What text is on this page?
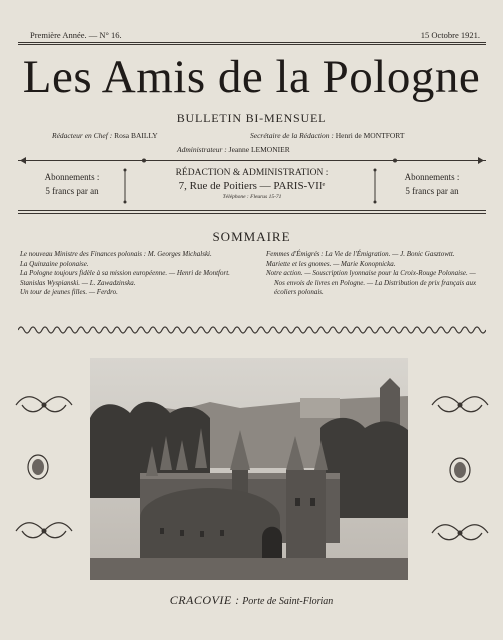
Première Année. — N° 16.	15 Octobre 1921.
Les Amis de la Pologne
BULLETIN BI-MENSUEL
Rédacteur en Chef : Rosa BAILLY	Secrétaire de la Rédaction : Henri de MONTFORT
Administrateur : Jeanne LEMONIER
Abonnements :
5 francs par an
RÉDACTION & ADMINISTRATION :
7, Rue de Poitiers — PARIS-VIIᵉ
Téléphone : Fleurus 15-71
Abonnements :
5 francs par an
SOMMAIRE

Le nouveau Ministre des Finances polonais : M. Georges Michalski.

La Quinzaine polonaise.

La Pologne toujours fidèle à sa mission européenne. — Henri de Montfort.

Stanislas Wyspianski. — L. Zawadzinska.

Un tour de jeunes filles. — Ferdro.

Femmes d'Émigrés : La Vie de l'Émigration. — J. Bonic Gasztowtt.

Mariette et les gnomes. — Marie Konopnicka.

Notre action. — Souscription lyonnaise pour la Croix-Rouge Polonaise. — Nos envois de livres en Pologne. — La Distribution de prix français aux écoliers polonais.

CRACOVIE : Porte de Saint-Florian
